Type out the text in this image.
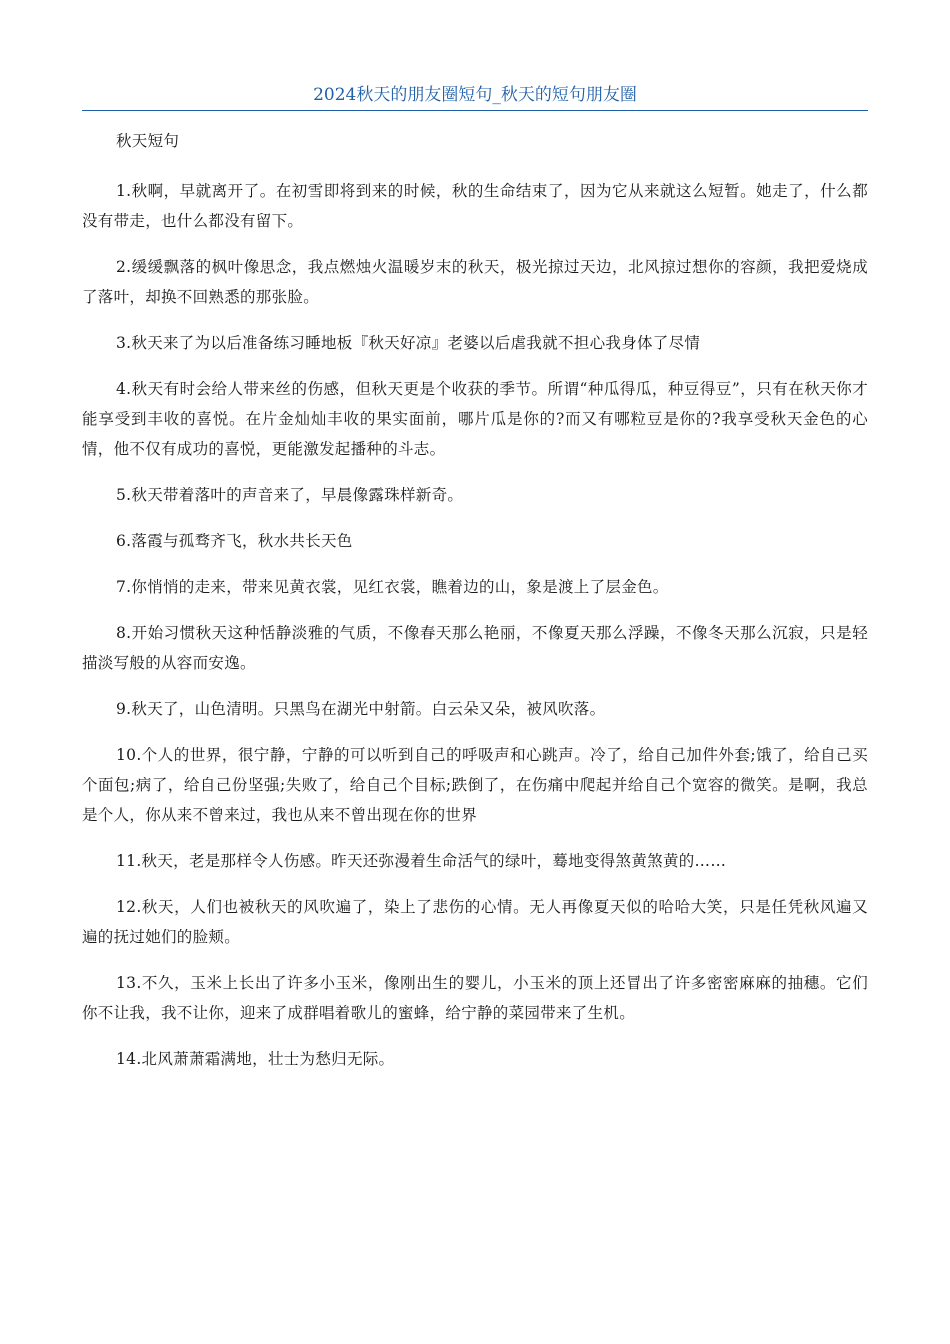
2024秋天的朋友圈短句_秋天的短句朋友圈
秋天短句
1.秋啊，早就离开了。在初雪即将到来的时候，秋的生命结束了，因为它从来就这么短暂。她走了，什么都没有带走，也什么都没有留下。
2.缓缓飘落的枫叶像思念，我点燃烛火温暖岁末的秋天，极光掠过天边，北风掠过想你的容颜，我把爱烧成了落叶，却换不回熟悉的那张脸。
3.秋天来了为以后准备练习睡地板『秋天好凉』老婆以后虐我就不担心我身体了尽情
4.秋天有时会给人带来丝的伤感，但秋天更是个收获的季节。所谓“种瓜得瓜，种豆得豆”，只有在秋天你才能享受到丰收的喜悦。在片金灿灿丰收的果实面前，哪片瓜是你的?而又有哪粒豆是你的?我享受秋天金色的心情，他不仅有成功的喜悦，更能激发起播种的斗志。
5.秋天带着落叶的声音来了，早晨像露珠样新奇。
6.落霞与孤骛齐飞，秋水共长天色
7.你悄悄的走来，带来见黄衣裳，见红衣裳，瞧着边的山，象是渡上了层金色。
8.开始习惯秋天这种恬静淡雅的气质，不像春天那么艳丽，不像夏天那么浮躁，不像冬天那么沉寂，只是轻描淡写般的从容而安逸。
9.秋天了，山色清明。只黑鸟在湖光中射箭。白云朵又朵，被风吹落。
10.个人的世界，很宁静，宁静的可以听到自己的呼吸声和心跳声。冷了，给自己加件外套;饿了，给自己买个面包;病了，给自己份坚强;失败了，给自己个目标;跌倒了，在伤痛中爬起并给自己个宽容的微笑。是啊，我总是个人，你从来不曾来过，我也从来不曾出现在你的世界
11.秋天，老是那样令人伤感。昨天还弥漫着生命活气的绿叶，蓦地变得煞黄煞黄的……
12.秋天，人们也被秋天的风吹遍了，染上了悲伤的心情。无人再像夏天似的哈哈大笑，只是任凭秋风遍又遍的抚过她们的脸颊。
13.不久，玉米上长出了许多小玉米，像刚出生的婴儿，小玉米的顶上还冒出了许多密密麻麻的抽穗。它们你不让我，我不让你，迎来了成群唱着歌儿的蜜蜂，给宁静的菜园带来了生机。
14.北风萧萧霜满地，壮士为愁归无际。
